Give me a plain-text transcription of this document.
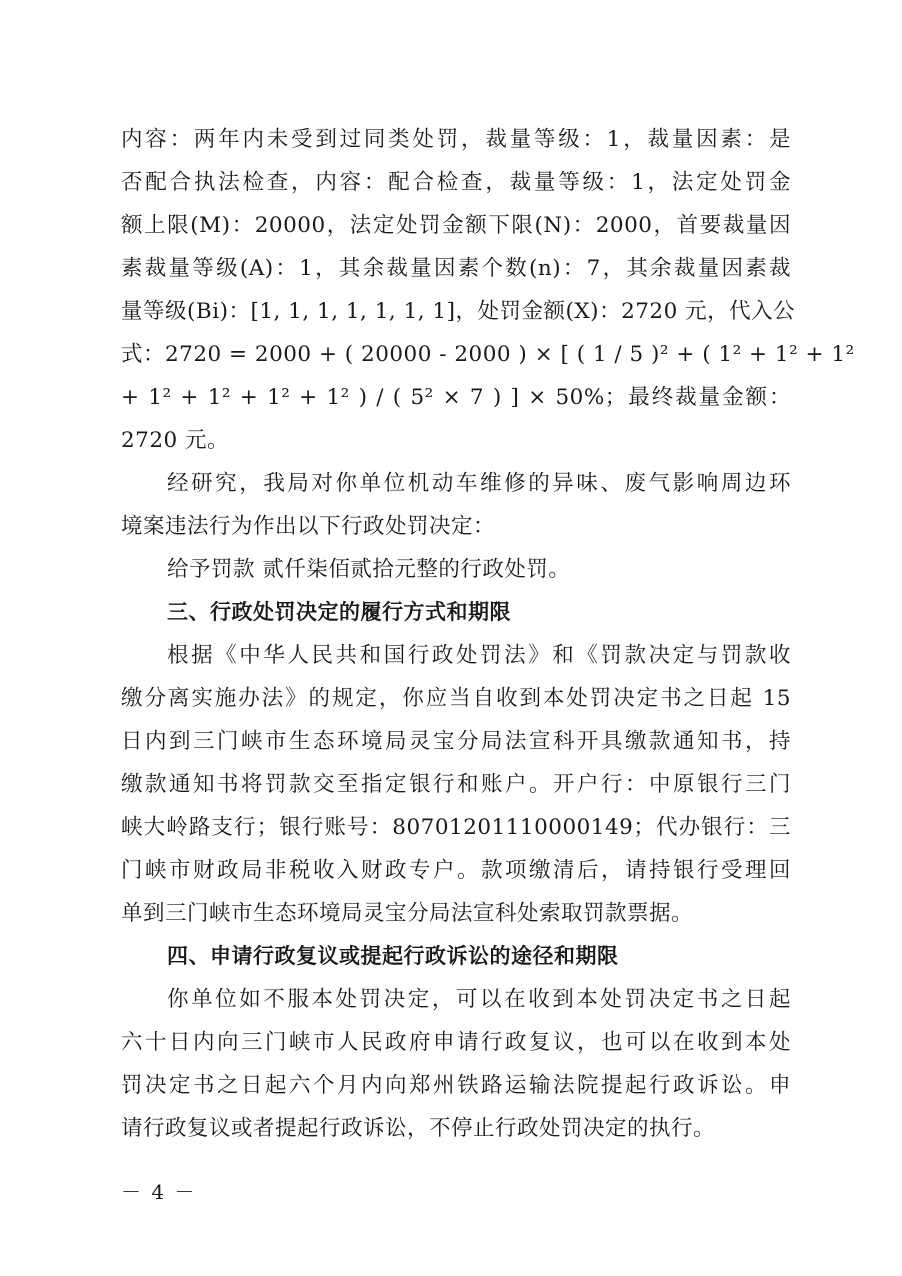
内容：两年内未受到过同类处罚，裁量等级：1，裁量因素：是
否配合执法检查，内容：配合检查，裁量等级：1，法定处罚金
额上限(M)：20000，法定处罚金额下限(N)：2000，首要裁量因
素裁量等级(A)：1，其余裁量因素个数(n)：7，其余裁量因素裁
量等级(Bi)：[1, 1, 1, 1, 1, 1, 1]，处罚金额(X)：2720 元，代入公
式：2720 = 2000 + ( 20000 - 2000 ) × [ ( 1 / 5 )² + ( 1² + 1² + 1²
+ 1² + 1² + 1² + 1² ) / ( 5² × 7 ) ] × 50%；最终裁量金额：
2720 元。
经研究，我局对你单位机动车维修的异味、废气影响周边环
境案违法行为作出以下行政处罚决定：
给予罚款 贰仟柒佰贰拾元整的行政处罚。
三、行政处罚决定的履行方式和期限
根据《中华人民共和国行政处罚法》和《罚款决定与罚款收
缴分离实施办法》的规定，你应当自收到本处罚决定书之日起 15
日内到三门峡市生态环境局灵宝分局法宣科开具缴款通知书，持
缴款通知书将罚款交至指定银行和账户。开户行：中原银行三门
峡大岭路支行；银行账号：80701201110000149；代办银行：三
门峡市财政局非税收入财政专户。款项缴清后，请持银行受理回
单到三门峡市生态环境局灵宝分局法宣科处索取罚款票据。
四、申请行政复议或提起行政诉讼的途径和期限
你单位如不服本处罚决定，可以在收到本处罚决定书之日起
六十日内向三门峡市人民政府申请行政复议，也可以在收到本处
罚决定书之日起六个月内向郑州铁路运输法院提起行政诉讼。申
请行政复议或者提起行政诉讼，不停止行政处罚决定的执行。
－ 4 －
